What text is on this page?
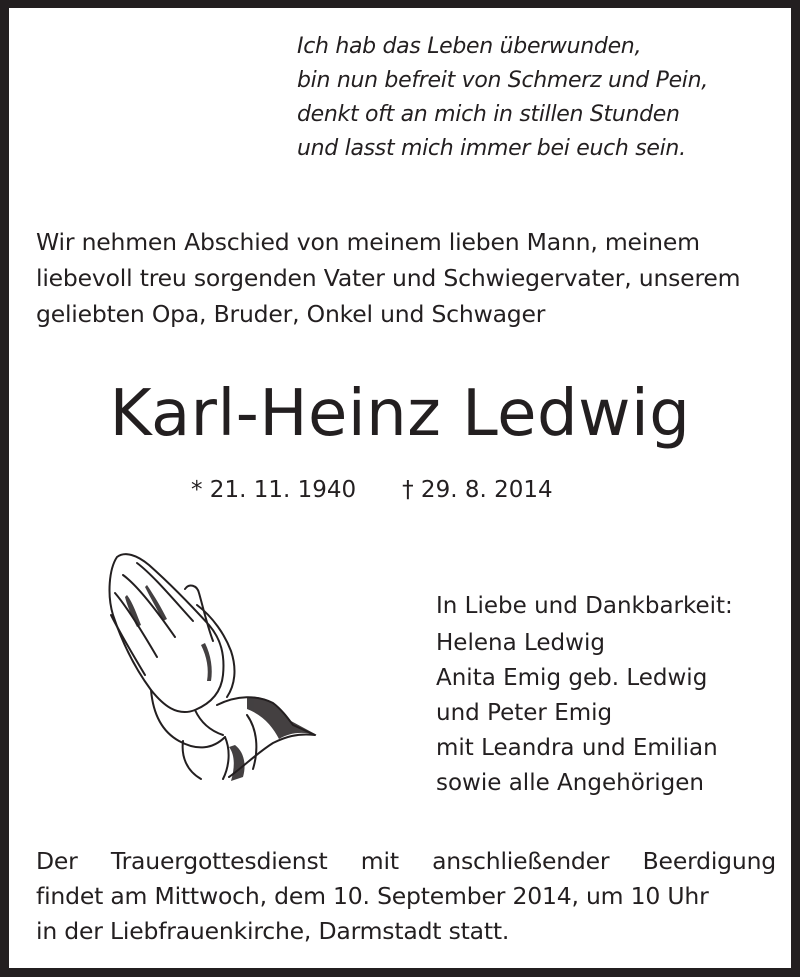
Ich hab das Leben überwunden,
bin nun befreit von Schmerz und Pein,
denkt oft an mich in stillen Stunden
und lasst mich immer bei euch sein.
Wir nehmen Abschied von meinem lieben Mann, meinem
liebevoll treu sorgenden Vater und Schwiegervater, unserem
geliebten Opa, Bruder, Onkel und Schwager
Karl-Heinz Ledwig
* 21. 11. 1940 † 29. 8. 2014
In Liebe und Dankbarkeit:
Helena Ledwig
Anita Emig geb. Ledwig
und Peter Emig
mit Leandra und Emilian
sowie alle Angehörigen
Der Trauergottesdienst mit anschließender Beerdigung
findet am Mittwoch, dem 10. September 2014, um 10 Uhr
in der Liebfrauenkirche, Darmstadt statt.
